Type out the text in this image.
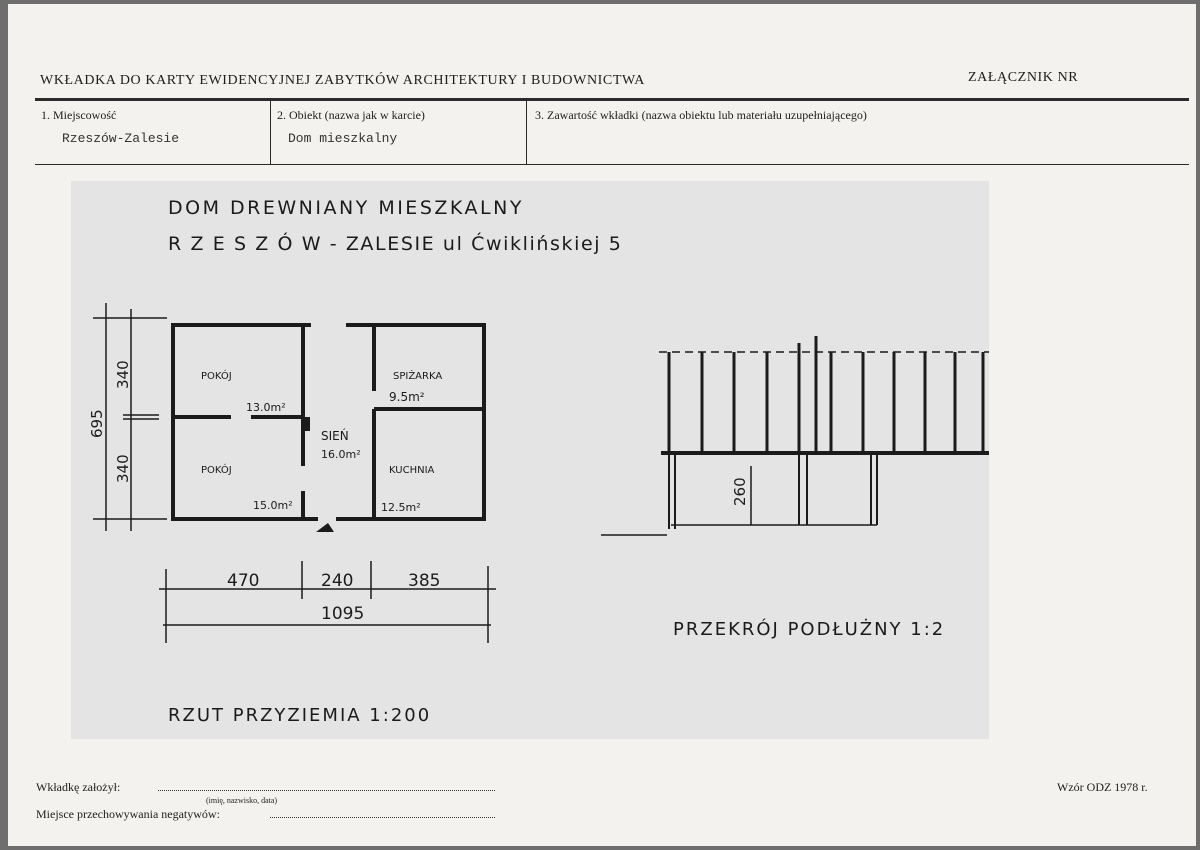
WKŁADKA DO KARTY EWIDENCYJNEJ ZABYTKÓW ARCHITEKTURY I BUDOWNICTWA	ZAŁĄCZNIK NR
1. Miejscowość
Rzeszów-Zalesie
2. Obiekt (nazwa jak w karcie)
Dom mieszkalny
3. Zawartość wkładki (nazwa obiektu lub materiału uzupełniającego)
DOM DREWNIANY MIESZKALNY
R Z E S Z Ó W - ZALESIE ul Ćwiklińskiej 5
POKÓJ
13.0m²
POKÓJ
15.0m²
SIEŃ
16.0m²
SPIŻARKA
9.5m²
KUCHNIA
12.5m²
695
340
340
470	240	385
1095
RZUT PRZYZIEMIA 1:200
260
PRZEKRÓJ PODŁUŻNY 1:2
Wkładkę założył:
(imię, nazwisko, data)
Miejsce przechowywania negatywów:
Wzór ODZ 1978 r.
